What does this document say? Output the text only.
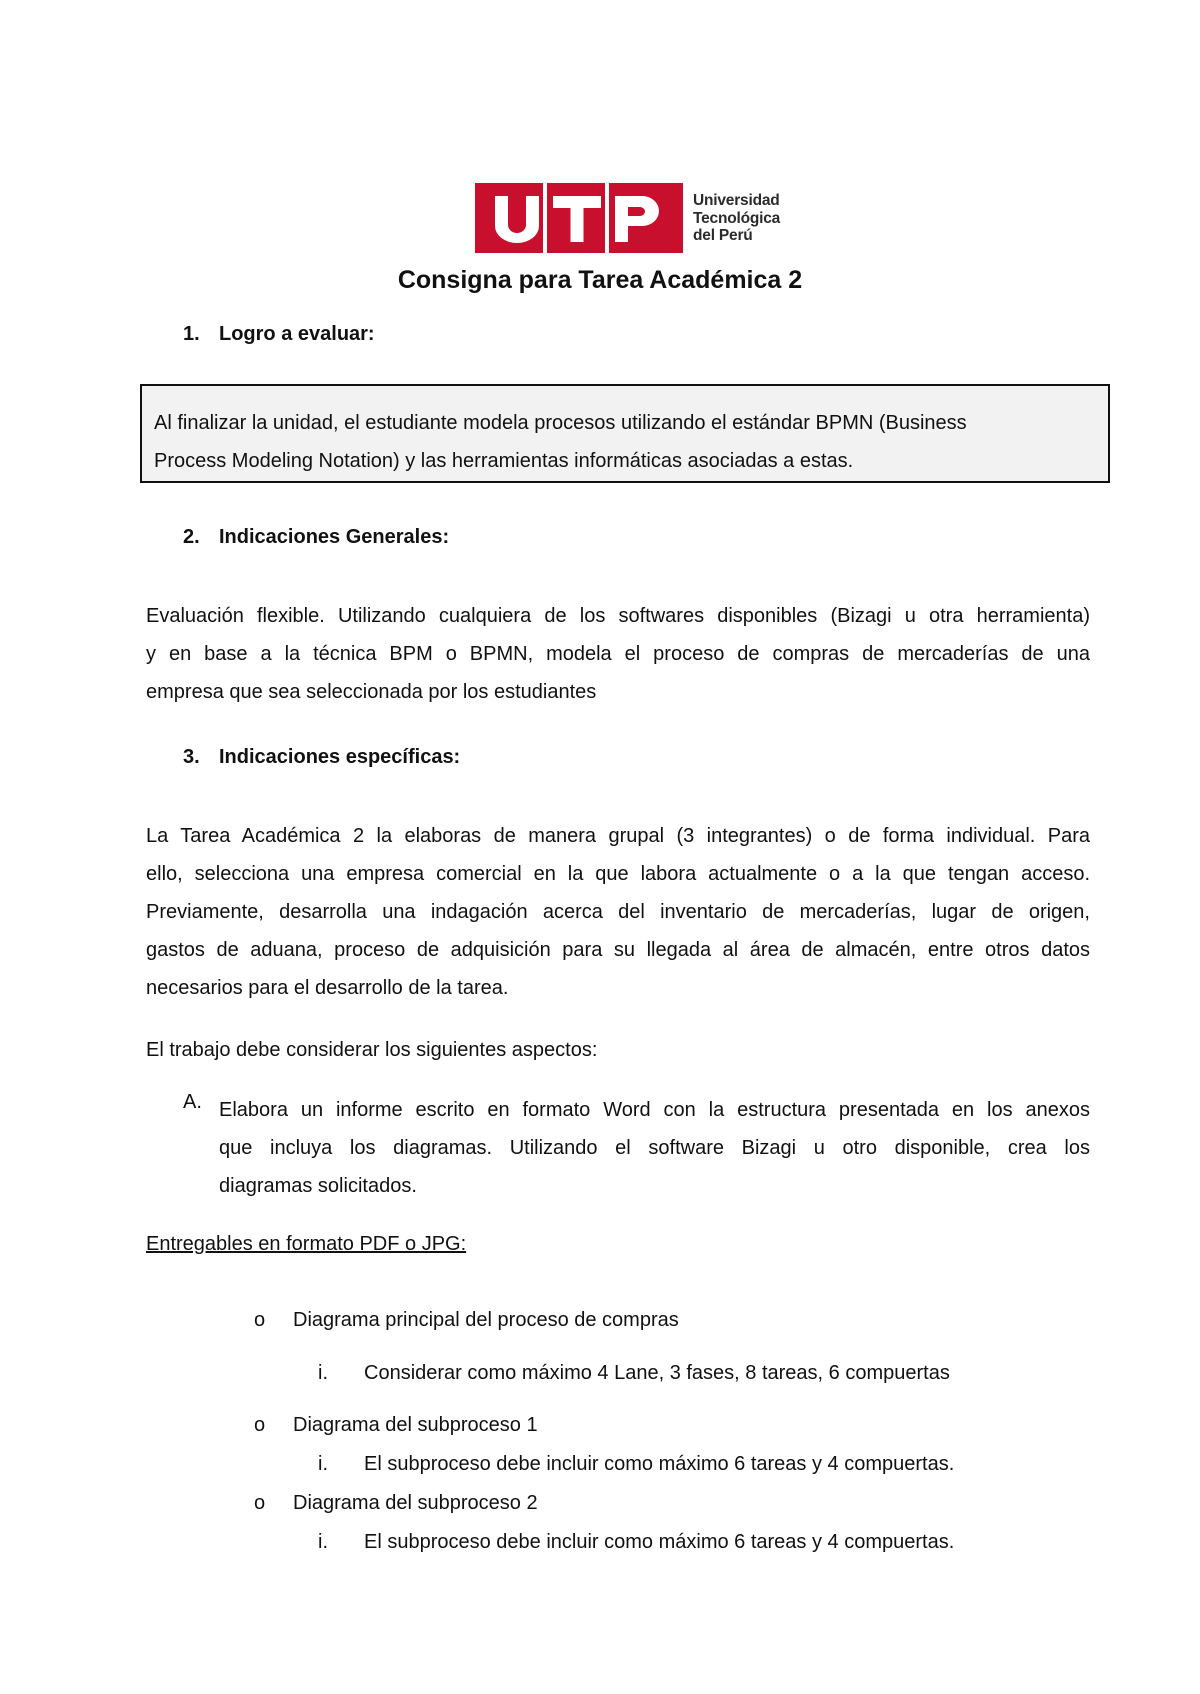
Universidad
Tecnológica
del Perú
Consigna para Tarea Académica 2
1. Logro a evaluar:

Al finalizar la unidad, el estudiante modela procesos utilizando el estándar BPMN (Business
Process Modeling Notation) y las herramientas informáticas asociadas a estas.

2. Indicaciones Generales:

Evaluación flexible. Utilizando cualquiera de los softwares disponibles (Bizagi u otra herramienta)
y en base a la técnica BPM o BPMN, modela el proceso de compras de mercaderías de una
empresa que sea seleccionada por los estudiantes

3. Indicaciones específicas:

La Tarea Académica 2 la elaboras de manera grupal (3 integrantes) o de forma individual. Para
ello, selecciona una empresa comercial en la que labora actualmente o a la que tengan acceso.
Previamente, desarrolla una indagación acerca del inventario de mercaderías, lugar de origen,
gastos de aduana, proceso de adquisición para su llegada al área de almacén, entre otros datos
necesarios para el desarrollo de la tarea.

El trabajo debe considerar los siguientes aspectos:

A. Elabora un informe escrito en formato Word con la estructura presentada en los anexos
que incluya los diagramas. Utilizando el software Bizagi u otro disponible, crea los
diagramas solicitados.

Entregables en formato PDF o JPG:

o Diagrama principal del proceso de compras
i. Considerar como máximo 4 Lane, 3 fases, 8 tareas, 6 compuertas
o Diagrama del subproceso 1
i. El subproceso debe incluir como máximo 6 tareas y 4 compuertas.
o Diagrama del subproceso 2
i. El subproceso debe incluir como máximo 6 tareas y 4 compuertas.
